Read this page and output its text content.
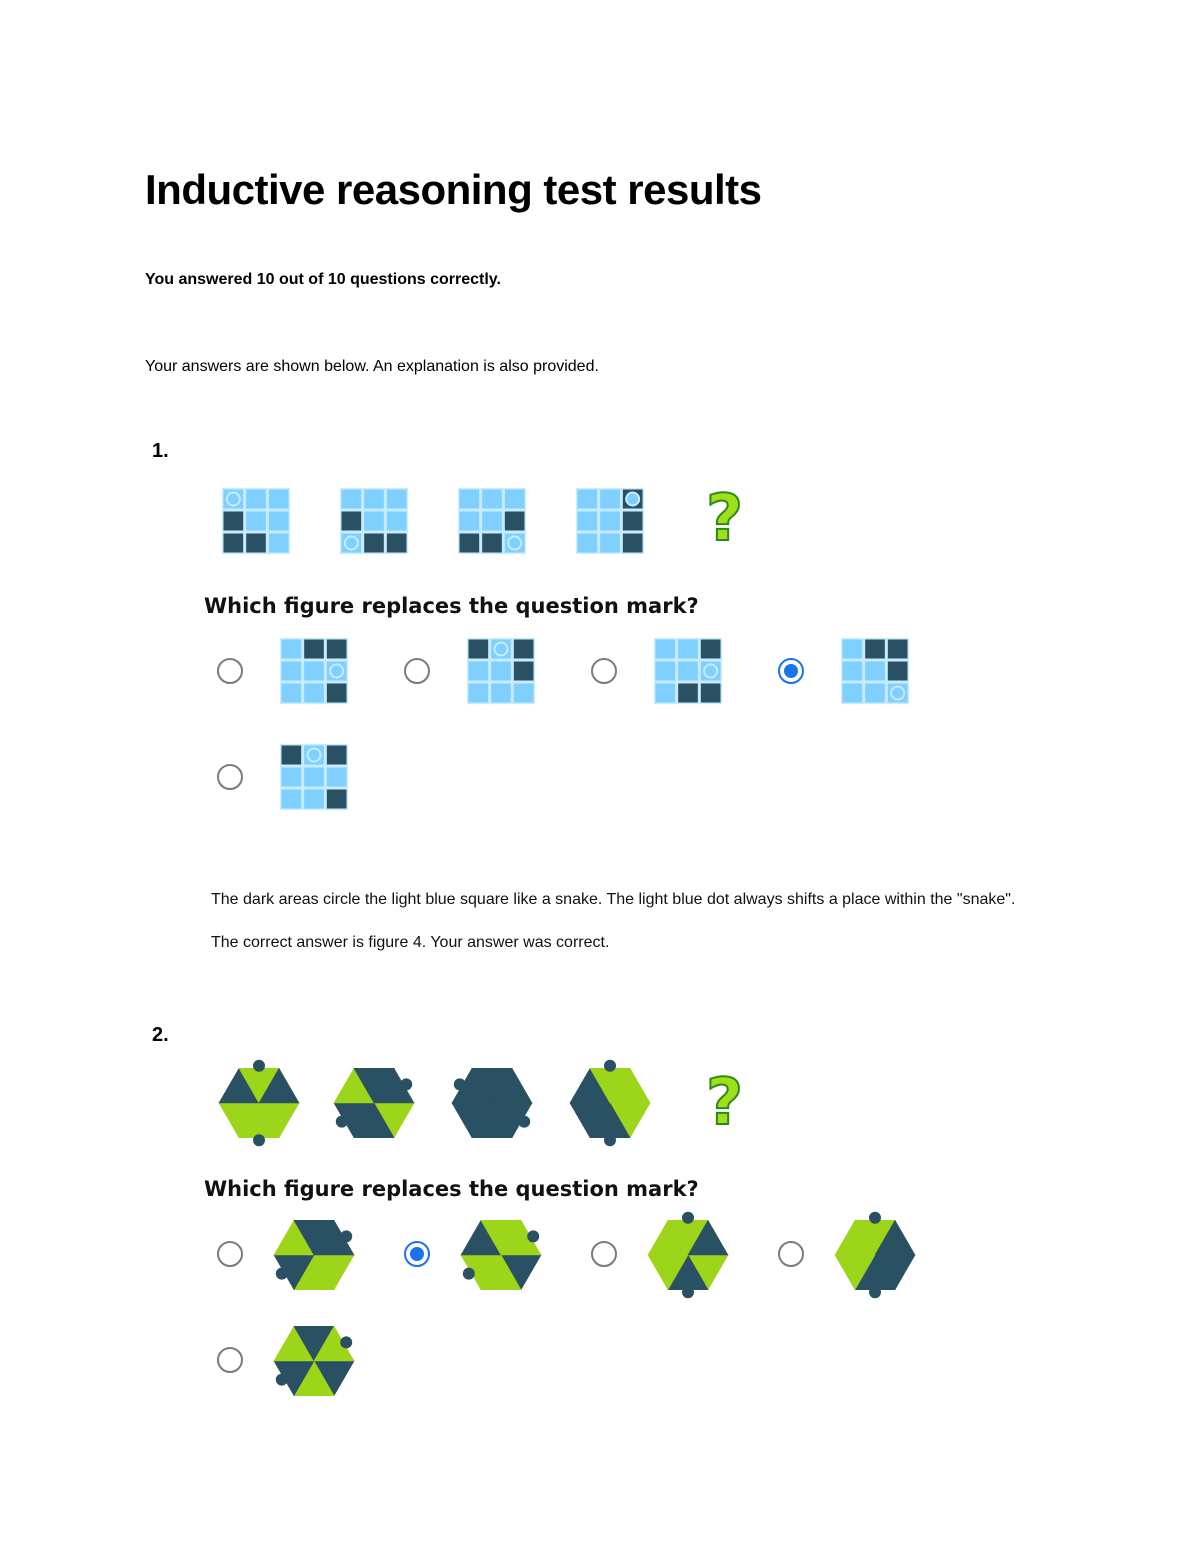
Inductive reasoning test results
You answered 10 out of 10 questions correctly.
Your answers are shown below. An explanation is also provided.
1.
?
Which figure replaces the question mark?
The dark areas circle the light blue square like a snake. The light blue dot always shifts a place within the "snake". The correct answer is figure 4. Your answer was correct.
2.
?
Which figure replaces the question mark?
